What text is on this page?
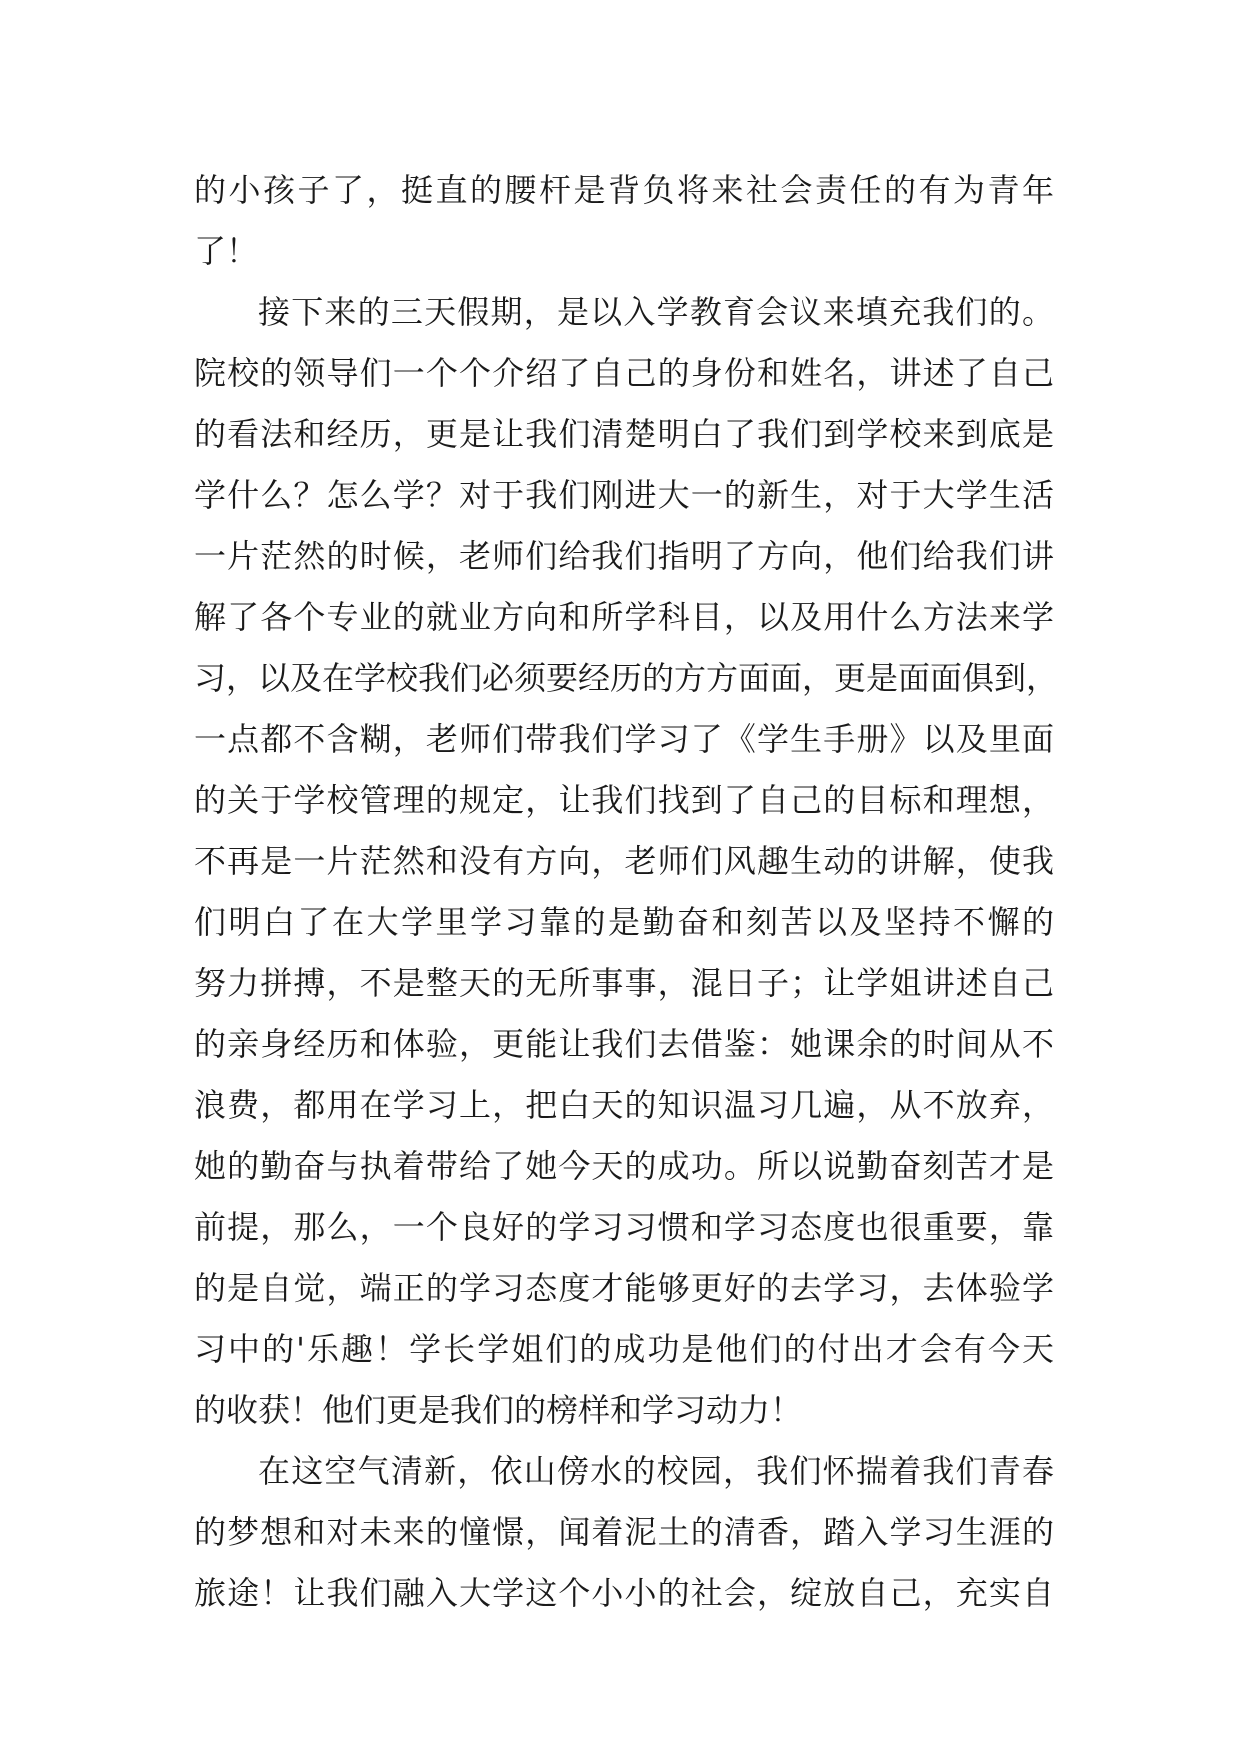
的小孩子了，挺直的腰杆是背负将来社会责任的有为青年
了！
接下来的三天假期，是以入学教育会议来填充我们的。
院校的领导们一个个介绍了自己的身份和姓名，讲述了自己
的看法和经历，更是让我们清楚明白了我们到学校来到底是
学什么？怎么学？对于我们刚进大一的新生，对于大学生活
一片茫然的时候，老师们给我们指明了方向，他们给我们讲
解了各个专业的就业方向和所学科目，以及用什么方法来学
习，以及在学校我们必须要经历的方方面面，更是面面俱到，
一点都不含糊，老师们带我们学习了《学生手册》以及里面
的关于学校管理的规定，让我们找到了自己的目标和理想，
不再是一片茫然和没有方向，老师们风趣生动的讲解，使我
们明白了在大学里学习靠的是勤奋和刻苦以及坚持不懈的
努力拼搏，不是整天的无所事事，混日子；让学姐讲述自己
的亲身经历和体验，更能让我们去借鉴：她课余的时间从不
浪费，都用在学习上，把白天的知识温习几遍，从不放弃，
她的勤奋与执着带给了她今天的成功。所以说勤奋刻苦才是
前提，那么，一个良好的学习习惯和学习态度也很重要，靠
的是自觉，端正的学习态度才能够更好的去学习，去体验学
习中的'乐趣！学长学姐们的成功是他们的付出才会有今天
的收获！他们更是我们的榜样和学习动力！
在这空气清新，依山傍水的校园，我们怀揣着我们青春
的梦想和对未来的憧憬，闻着泥土的清香，踏入学习生涯的
旅途！让我们融入大学这个小小的社会，绽放自己，充实自
